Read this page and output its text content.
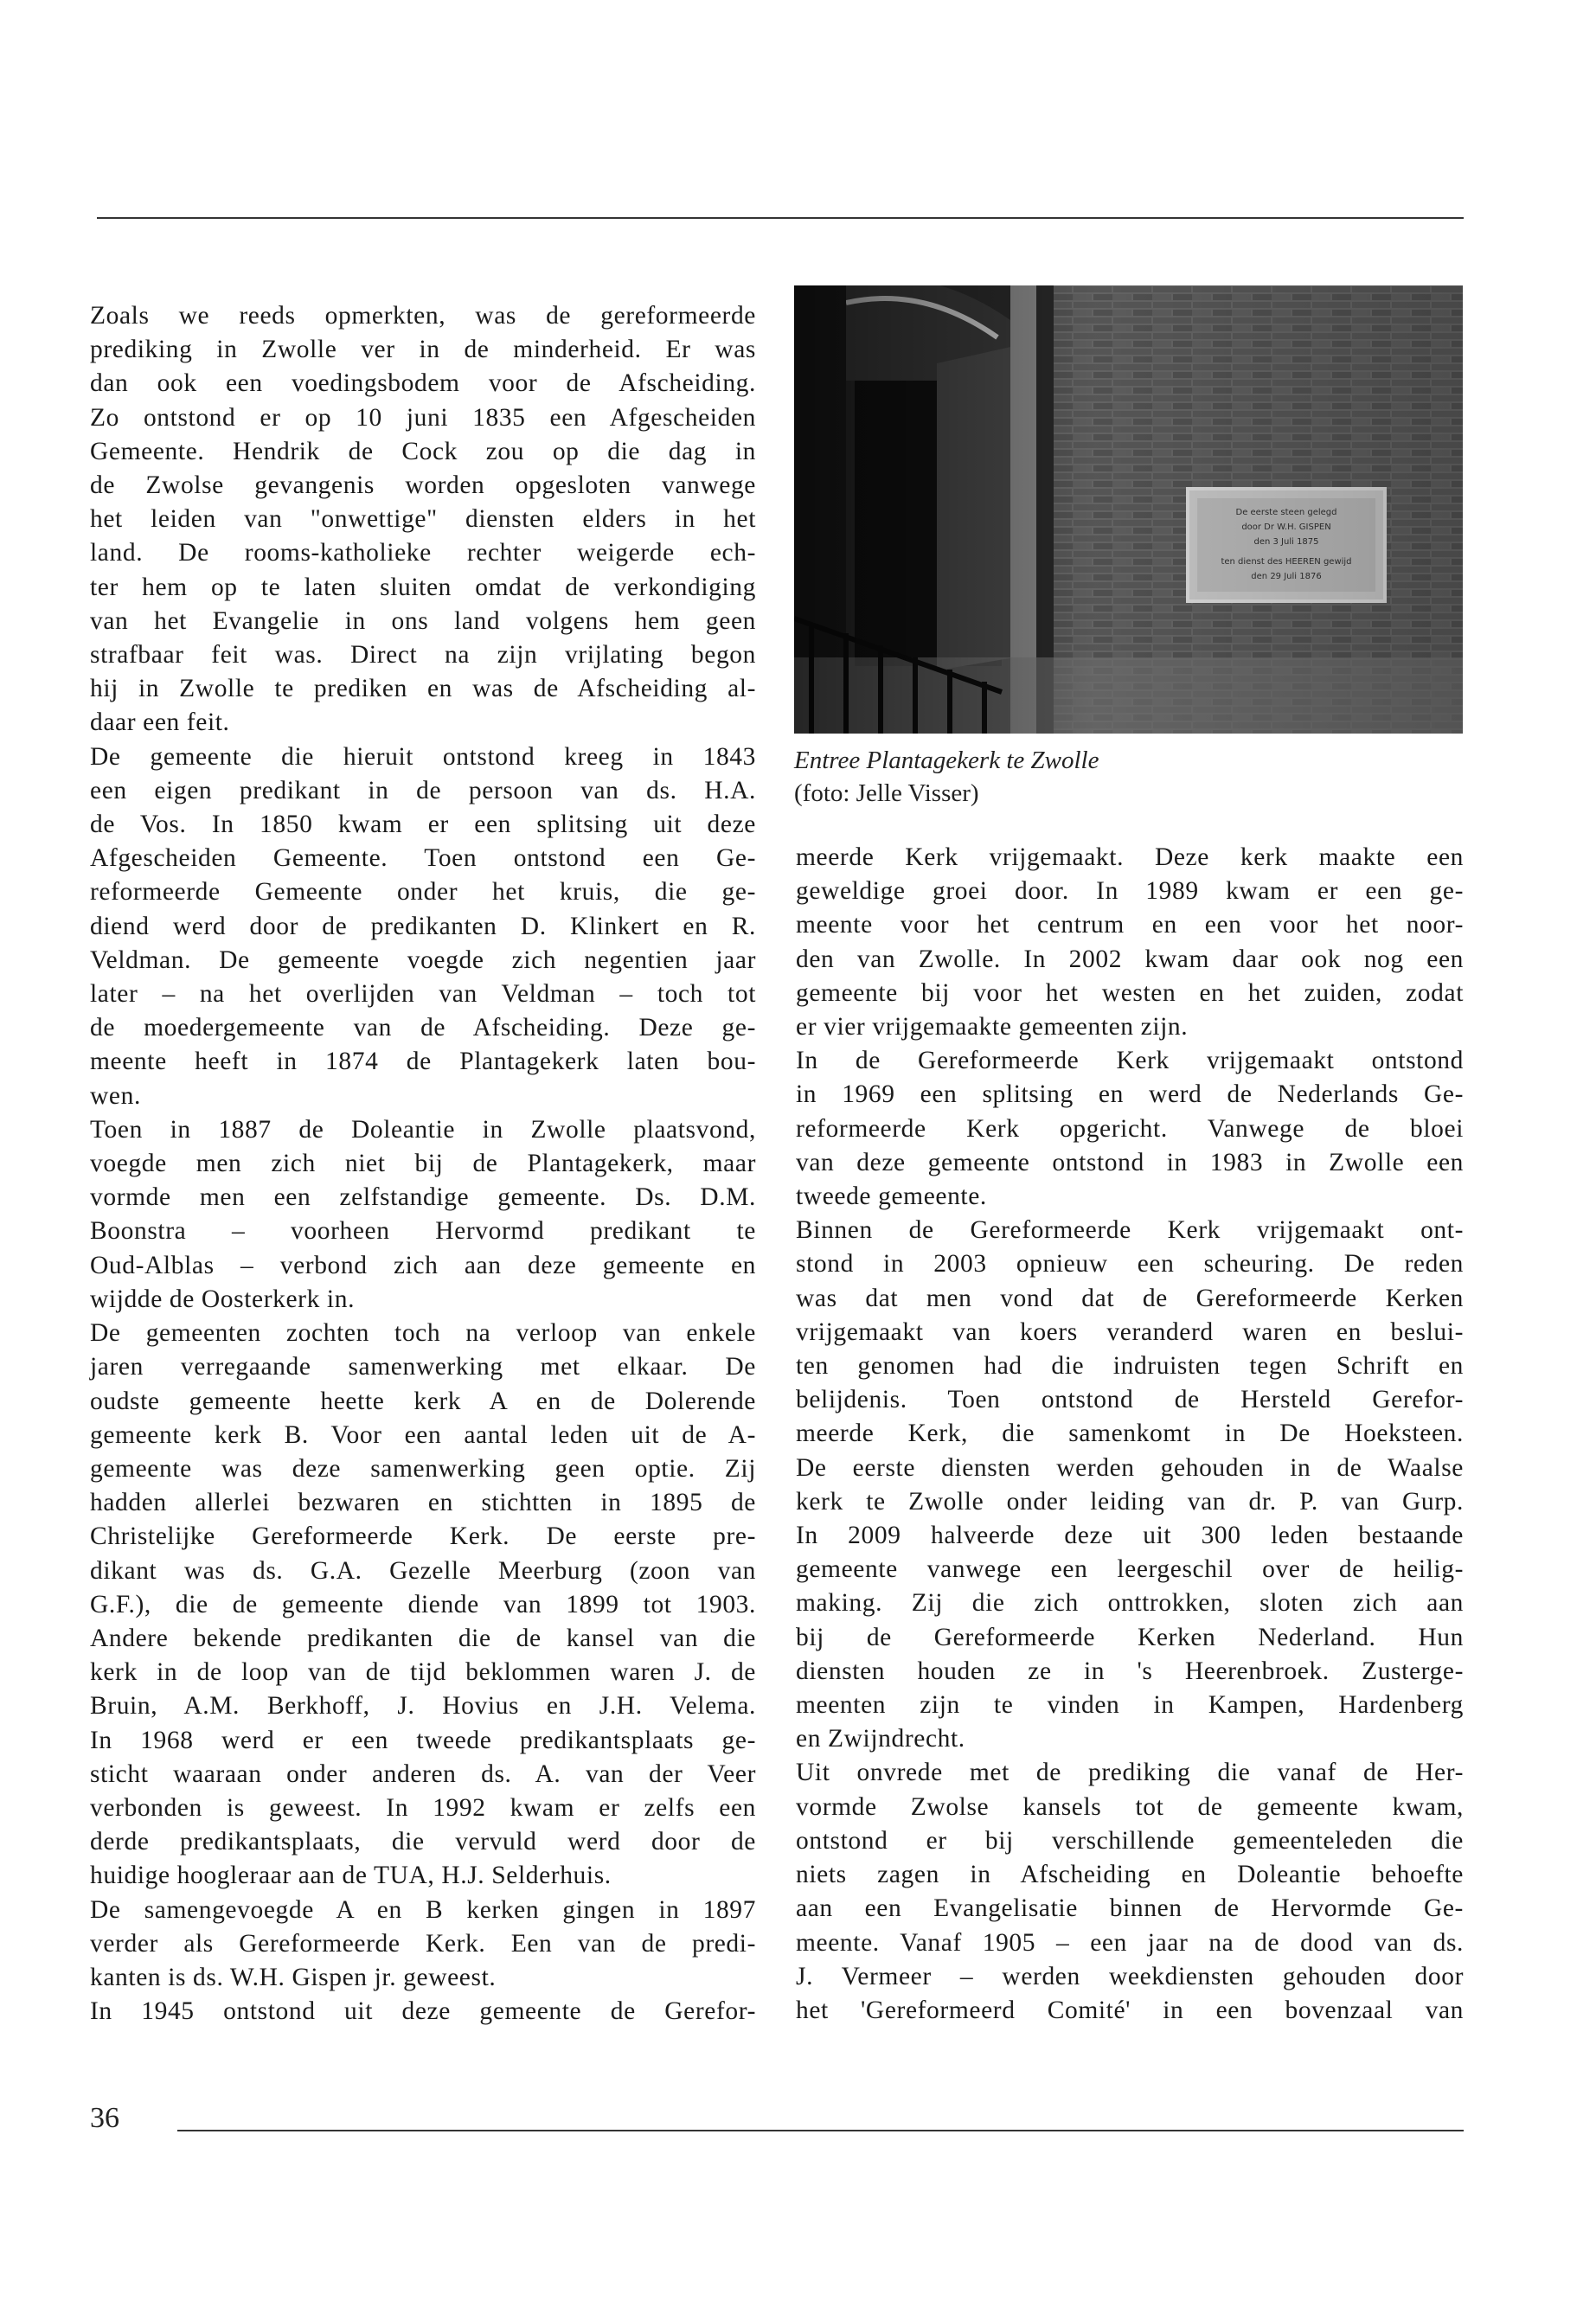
Zoals we reeds opmerkten, was de gereformeerde
prediking in Zwolle ver in de minderheid. Er was
dan ook een voedingsbodem voor de Afscheiding.
Zo ontstond er op 10 juni 1835 een Afgescheiden
Gemeente. Hendrik de Cock zou op die dag in
de Zwolse gevangenis worden opgesloten vanwege
het leiden van "onwettige" diensten elders in het
land. De rooms-katholieke rechter weigerde ech-
ter hem op te laten sluiten omdat de verkondiging
van het Evangelie in ons land volgens hem geen
strafbaar feit was. Direct na zijn vrijlating begon
hij in Zwolle te prediken en was de Afscheiding al-
daar een feit.
De gemeente die hieruit ontstond kreeg in 1843
een eigen predikant in de persoon van ds. H.A.
de Vos. In 1850 kwam er een splitsing uit deze
Afgescheiden Gemeente. Toen ontstond een Ge-
reformeerde Gemeente onder het kruis, die ge-
diend werd door de predikanten D. Klinkert en R.
Veldman. De gemeente voegde zich negentien jaar
later – na het overlijden van Veldman – toch tot
de moedergemeente van de Afscheiding. Deze ge-
meente heeft in 1874 de Plantagekerk laten bou-
wen.
Toen in 1887 de Doleantie in Zwolle plaatsvond,
voegde men zich niet bij de Plantagekerk, maar
vormde men een zelfstandige gemeente. Ds. D.M.
Boonstra – voorheen Hervormd predikant te
Oud-Alblas – verbond zich aan deze gemeente en
wijdde de Oosterkerk in.
De gemeenten zochten toch na verloop van enkele
jaren verregaande samenwerking met elkaar. De
oudste gemeente heette kerk A en de Dolerende
gemeente kerk B. Voor een aantal leden uit de A-
gemeente was deze samenwerking geen optie. Zij
hadden allerlei bezwaren en stichtten in 1895 de
Christelijke Gereformeerde Kerk. De eerste pre-
dikant was ds. G.A. Gezelle Meerburg (zoon van
G.F.), die de gemeente diende van 1899 tot 1903.
Andere bekende predikanten die de kansel van die
kerk in de loop van de tijd beklommen waren J. de
Bruin, A.M. Berkhoff, J. Hovius en J.H. Velema.
In 1968 werd er een tweede predikantsplaats ge-
sticht waaraan onder anderen ds. A. van der Veer
verbonden is geweest. In 1992 kwam er zelfs een
derde predikantsplaats, die vervuld werd door de
huidige hoogleraar aan de TUA, H.J. Selderhuis.
De samengevoegde A en B kerken gingen in 1897
verder als Gereformeerde Kerk. Een van de predi-
kanten is ds. W.H. Gispen jr. geweest.
In 1945 ontstond uit deze gemeente de Gerefor-
Entree Plantagekerk te Zwolle
(foto: Jelle Visser)
meerde Kerk vrijgemaakt. Deze kerk maakte een
geweldige groei door. In 1989 kwam er een ge-
meente voor het centrum en een voor het noor-
den van Zwolle. In 2002 kwam daar ook nog een
gemeente bij voor het westen en het zuiden, zodat
er vier vrijgemaakte gemeenten zijn.
In de Gereformeerde Kerk vrijgemaakt ontstond
in 1969 een splitsing en werd de Nederlands Ge-
reformeerde Kerk opgericht. Vanwege de bloei
van deze gemeente ontstond in 1983 in Zwolle een
tweede gemeente.
Binnen de Gereformeerde Kerk vrijgemaakt ont-
stond in 2003 opnieuw een scheuring. De reden
was dat men vond dat de Gereformeerde Kerken
vrijgemaakt van koers veranderd waren en beslui-
ten genomen had die indruisten tegen Schrift en
belijdenis. Toen ontstond de Hersteld Gerefor-
meerde Kerk, die samenkomt in De Hoeksteen.
De eerste diensten werden gehouden in de Waalse
kerk te Zwolle onder leiding van dr. P. van Gurp.
In 2009 halveerde deze uit 300 leden bestaande
gemeente vanwege een leergeschil over de heilig-
making. Zij die zich onttrokken, sloten zich aan
bij de Gereformeerde Kerken Nederland. Hun
diensten houden ze in 's Heerenbroek. Zusterge-
meenten zijn te vinden in Kampen, Hardenberg
en Zwijndrecht.
Uit onvrede met de prediking die vanaf de Her-
vormde Zwolse kansels tot de gemeente kwam,
ontstond er bij verschillende gemeenteleden die
niets zagen in Afscheiding en Doleantie behoefte
aan een Evangelisatie binnen de Hervormde Ge-
meente. Vanaf 1905 – een jaar na de dood van ds.
J. Vermeer – werden weekdiensten gehouden door
het 'Gereformeerd Comité' in een bovenzaal van
36
